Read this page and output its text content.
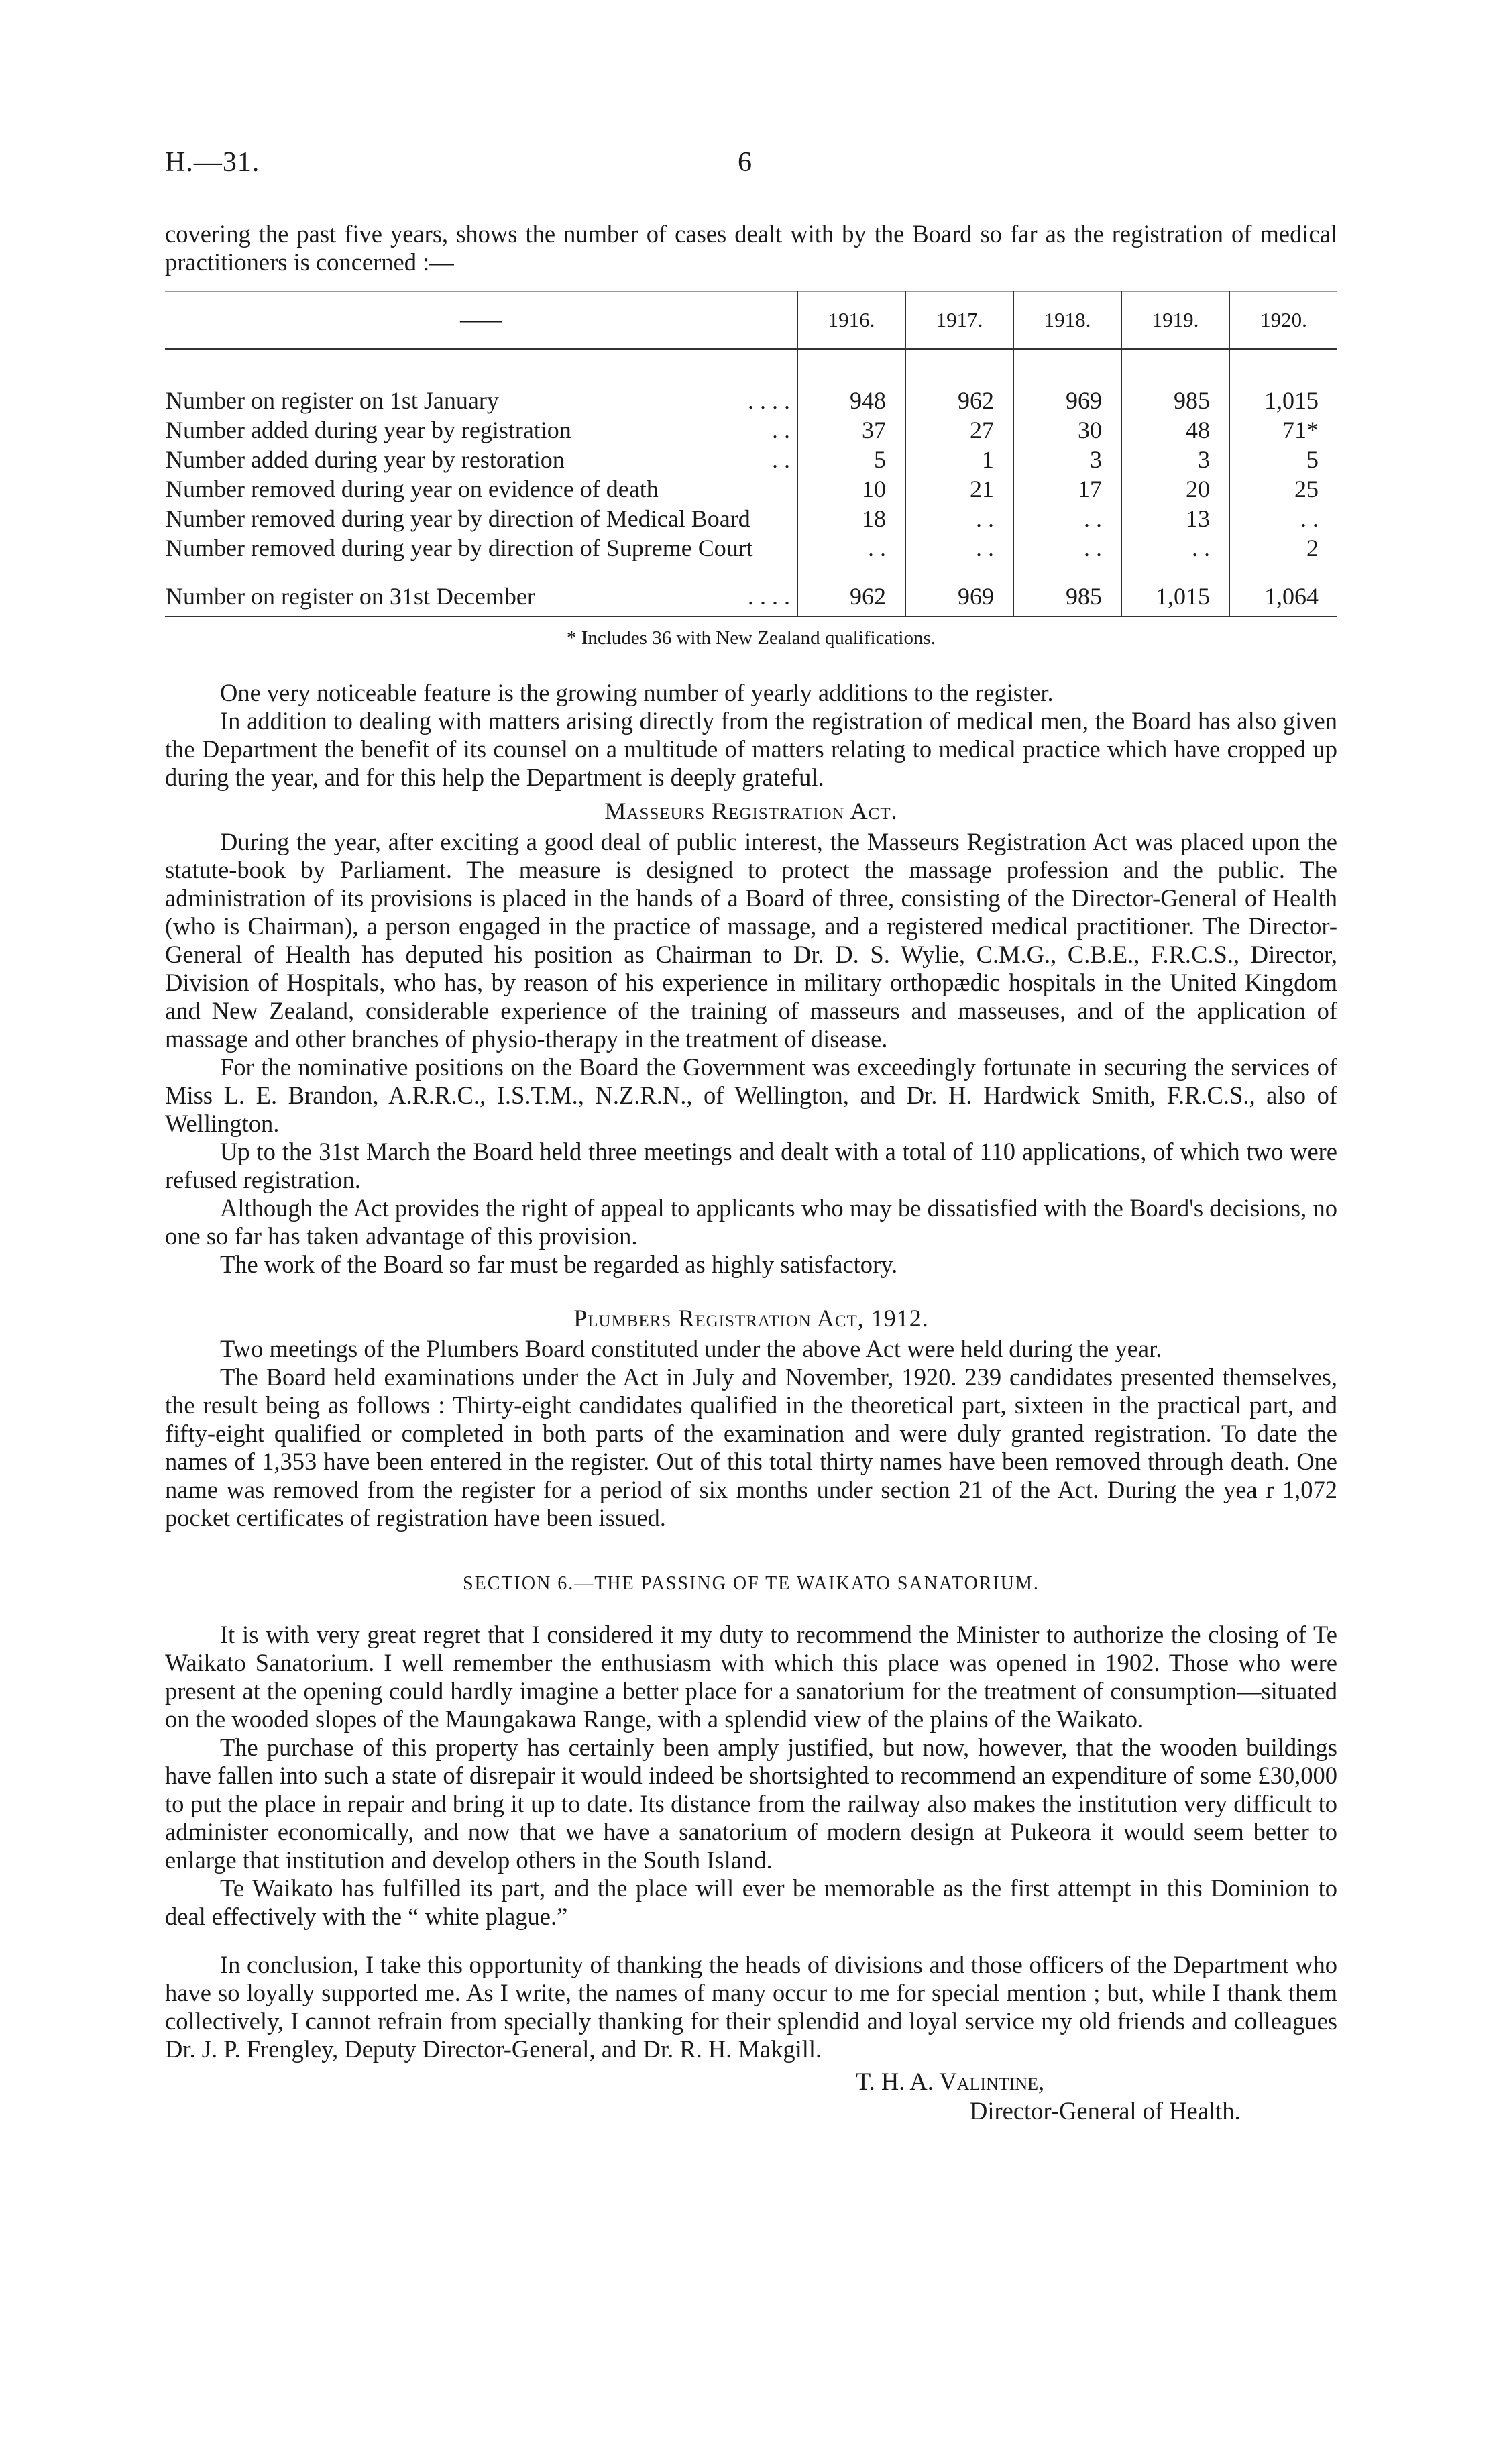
H.—31.	6

covering the past five years, shows the number of cases dealt with by the Board so far as the registration of medical practitioners is concerned :—

——	1916.	1917.	1918.	1919.	1920.

Number on register on 1st January . . . .	948	962	969	985	1,015

Number added during year by registration . .	37	27	30	48	71*

Number added during year by restoration . .	5	1	3	3	5

Number removed during year on evidence of death	10	21	17	20	25

Number removed during year by direction of Medical Board	18	. .	. .	13	. .

Number removed during year by direction of Supreme Court	. .	. .	. .	. .	2

Number on register on 31st December . . . .	962	969	985	1,015	1,064
* Includes 36 with New Zealand qualifications.

One very noticeable feature is the growing number of yearly additions to the register.

In addition to dealing with matters arising directly from the registration of medical men, the Board has also given the Department the benefit of its counsel on a multitude of matters relating to medical practice which have cropped up during the year, and for this help the Department is deeply grateful.

Masseurs Registration Act.

During the year, after exciting a good deal of public interest, the Masseurs Registration Act was placed upon the statute-book by Parliament. The measure is designed to protect the massage profession and the public. The administration of its provisions is placed in the hands of a Board of three, consisting of the Director-General of Health (who is Chairman), a person engaged in the practice of massage, and a registered medical practitioner. The Director-General of Health has deputed his position as Chairman to Dr. D. S. Wylie, C.M.G., C.B.E., F.R.C.S., Director, Division of Hospitals, who has, by reason of his experience in military orthopædic hospitals in the United Kingdom and New Zealand, considerable experience of the training of masseurs and masseuses, and of the application of massage and other branches of physio-therapy in the treatment of disease.

For the nominative positions on the Board the Government was exceedingly fortunate in securing the services of Miss L. E. Brandon, A.R.R.C., I.S.T.M., N.Z.R.N., of Wellington, and Dr. H. Hardwick Smith, F.R.C.S., also of Wellington.

Up to the 31st March the Board held three meetings and dealt with a total of 110 applications, of which two were refused registration.

Although the Act provides the right of appeal to applicants who may be dissatisfied with the Board's decisions, no one so far has taken advantage of this provision.

The work of the Board so far must be regarded as highly satisfactory.

Plumbers Registration Act, 1912.

Two meetings of the Plumbers Board constituted under the above Act were held during the year.

The Board held examinations under the Act in July and November, 1920. 239 candidates presented themselves, the result being as follows : Thirty-eight candidates qualified in the theoretical part, sixteen in the practical part, and fifty-eight qualified or completed in both parts of the examination and were duly granted registration. To date the names of 1,353 have been entered in the register. Out of this total thirty names have been removed through death. One name was removed from the register for a period of six months under section 21 of the Act. During the yea r 1,072 pocket certificates of registration have been issued.

SECTION 6.—THE PASSING OF TE WAIKATO SANATORIUM.

It is with very great regret that I considered it my duty to recommend the Minister to authorize the closing of Te Waikato Sanatorium. I well remember the enthusiasm with which this place was opened in 1902. Those who were present at the opening could hardly imagine a better place for a sanatorium for the treatment of consumption—situated on the wooded slopes of the Maungakawa Range, with a splendid view of the plains of the Waikato.

The purchase of this property has certainly been amply justified, but now, however, that the wooden buildings have fallen into such a state of disrepair it would indeed be shortsighted to recommend an expenditure of some £30,000 to put the place in repair and bring it up to date. Its distance from the railway also makes the institution very difficult to administer economically, and now that we have a sanatorium of modern design at Pukeora it would seem better to enlarge that institution and develop others in the South Island.

Te Waikato has fulfilled its part, and the place will ever be memorable as the first attempt in this Dominion to deal effectively with the “ white plague.”

In conclusion, I take this opportunity of thanking the heads of divisions and those officers of the Department who have so loyally supported me. As I write, the names of many occur to me for special mention ; but, while I thank them collectively, I cannot refrain from specially thanking for their splendid and loyal service my old friends and colleagues Dr. J. P. Frengley, Deputy Director-General, and Dr. R. H. Makgill.

T. H. A. Valintine,
Director-General of Health.
